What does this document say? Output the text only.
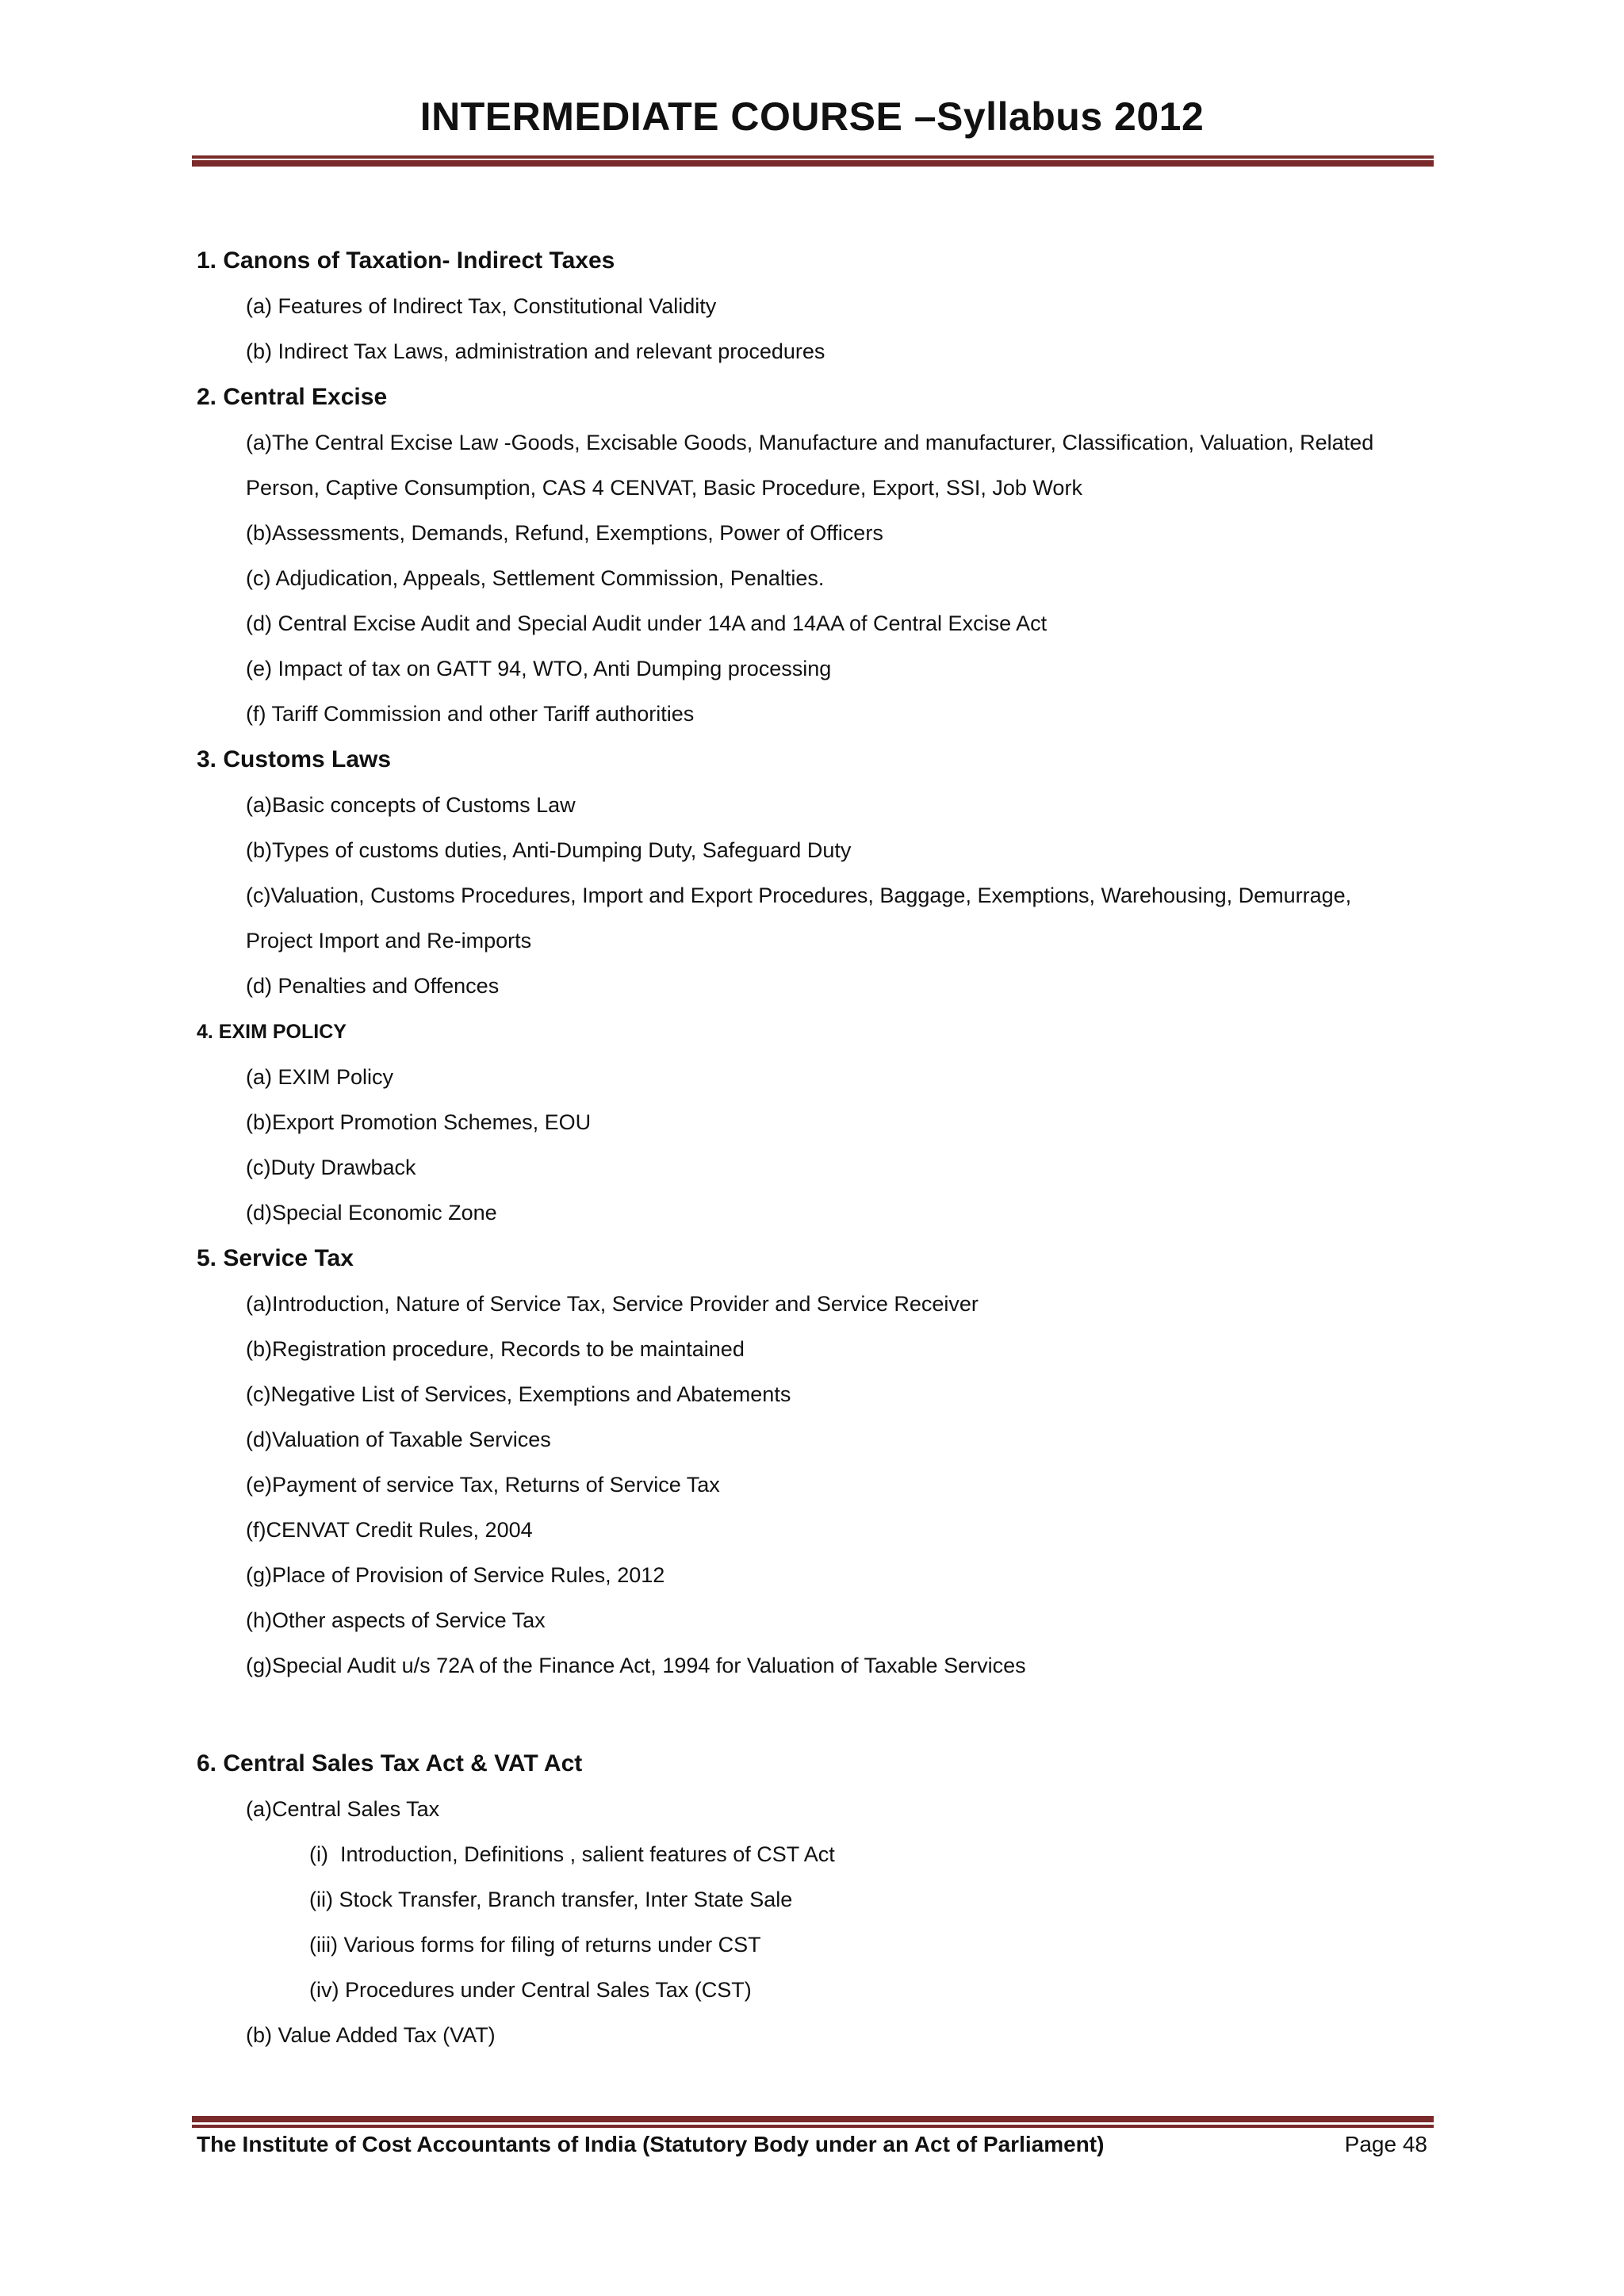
INTERMEDIATE COURSE –Syllabus 2012
1. Canons of Taxation- Indirect Taxes
(a) Features of Indirect Tax, Constitutional Validity
(b) Indirect Tax Laws, administration and relevant procedures
2. Central Excise
(a)The Central Excise Law -Goods, Excisable Goods, Manufacture and manufacturer, Classification, Valuation, Related Person, Captive Consumption, CAS 4 CENVAT, Basic Procedure, Export, SSI, Job Work
(b)Assessments, Demands, Refund, Exemptions, Power of Officers
(c) Adjudication, Appeals, Settlement Commission, Penalties.
(d) Central Excise Audit and Special Audit under 14A and 14AA of Central Excise Act
(e) Impact of tax on GATT 94, WTO, Anti Dumping processing
(f) Tariff Commission and other Tariff authorities
3. Customs Laws
(a)Basic concepts of Customs Law
(b)Types of customs duties, Anti-Dumping Duty, Safeguard Duty
(c)Valuation, Customs Procedures, Import and Export Procedures, Baggage, Exemptions, Warehousing, Demurrage, Project Import and Re-imports
(d) Penalties and Offences
4. EXIM POLICY
(a) EXIM Policy
(b)Export Promotion Schemes, EOU
(c)Duty Drawback
(d)Special Economic Zone
5. Service Tax
(a)Introduction, Nature of Service Tax, Service Provider and Service Receiver
(b)Registration procedure, Records to be maintained
(c)Negative List of Services, Exemptions and Abatements
(d)Valuation of Taxable Services
(e)Payment of service Tax, Returns of Service Tax
(f)CENVAT Credit Rules, 2004
(g)Place of Provision of Service Rules, 2012
(h)Other aspects of Service Tax
(g)Special Audit u/s 72A of the Finance Act, 1994 for Valuation of Taxable Services
6. Central Sales Tax Act & VAT Act
(a)Central Sales Tax
(i)  Introduction, Definitions , salient features of CST Act
(ii) Stock Transfer, Branch transfer, Inter State Sale
(iii) Various forms for filing of returns under CST
(iv) Procedures under Central Sales Tax (CST)
(b) Value Added Tax (VAT)
The Institute of Cost Accountants of India (Statutory Body under an Act of Parliament)	Page 48
